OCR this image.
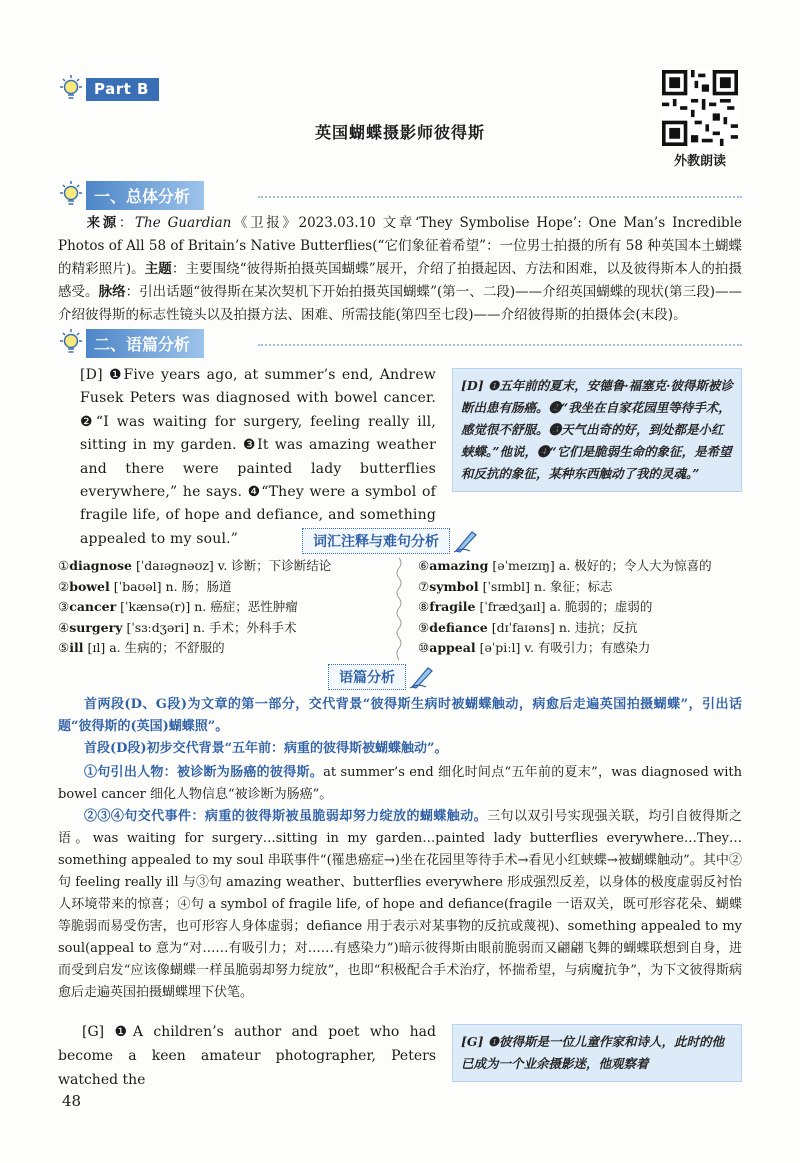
Part B
英国蝴蝶摄影师彼得斯
外教朗读
一、总体分析
来源：The Guardian《卫报》2023.03.10 文章‘They Symbolise Hope’: One Man’s Incredible Photos of All 58 of Britain’s Native Butterflies(“它们象征着希望”：一位男士拍摄的所有 58 种英国本土蝴蝶的精彩照片)。主题：主要围绕“彼得斯拍摄英国蝴蝶”展开，介绍了拍摄起因、方法和困难，以及彼得斯本人的拍摄感受。脉络：引出话题“彼得斯在某次契机下开始拍摄英国蝴蝶”(第一、二段)——介绍英国蝴蝶的现状(第三段)——介绍彼得斯的标志性镜头以及拍摄方法、困难、所需技能(第四至七段)——介绍彼得斯的拍摄体会(末段)。
二、语篇分析
[D] ❶Five years ago, at summer’s end, Andrew Fusek Peters was diagnosed with bowel cancer. ❷“I was waiting for surgery, feeling really ill, sitting in my garden. ❸It was amazing weather and there were painted lady butterflies everywhere,” he says. ❹“They were a symbol of fragile life, of hope and defiance, and something appealed to my soul.”
[D] ❶五年前的夏末，安德鲁·福塞克·彼得斯被诊断出患有肠癌。❷“我坐在自家花园里等待手术，感觉很不舒服。❸天气出奇的好，到处都是小红蛱蝶。”他说，❹“它们是脆弱生命的象征，是希望和反抗的象征，某种东西触动了我的灵魂。”
词汇注释与难句分析
①diagnose [ˈdaɪəɡnəʊz] v. 诊断；下诊断结论
②bowel [ˈbaʊəl] n. 肠；肠道
③cancer [ˈkænsə(r)] n. 癌症；恶性肿瘤
④surgery [ˈsɜːdʒəri] n. 手术；外科手术
⑤ill [ɪl] a. 生病的；不舒服的
⑥amazing [əˈmeɪzɪŋ] a. 极好的；令人大为惊喜的
⑦symbol [ˈsɪmbl] n. 象征；标志
⑧fragile [ˈfrædʒaɪl] a. 脆弱的；虚弱的
⑨defiance [dɪˈfaɪəns] n. 违抗；反抗
⑩appeal [əˈpiːl] v. 有吸引力；有感染力
语篇分析
首两段(D、G段)为文章的第一部分，交代背景“彼得斯生病时被蝴蝶触动，病愈后走遍英国拍摄蝴蝶”，引出话题“彼得斯的(英国)蝴蝶照”。
首段(D段)初步交代背景“五年前：病重的彼得斯被蝴蝶触动”。
①句引出人物：被诊断为肠癌的彼得斯。at summer’s end 细化时间点“五年前的夏末”，was diagnosed with bowel cancer 细化人物信息“被诊断为肠癌”。
②③④句交代事件：病重的彼得斯被虽脆弱却努力绽放的蝴蝶触动。三句以双引号实现强关联，均引自彼得斯之语。was waiting for surgery…sitting in my garden…painted lady butterflies everywhere…They…something appealed to my soul 串联事件“(罹患癌症→)坐在花园里等待手术→看见小红蛱蝶→被蝴蝶触动”。其中②句 feeling really ill 与③句 amazing weather、butterflies everywhere 形成强烈反差，以身体的极度虚弱反衬怡人环境带来的惊喜；④句 a symbol of fragile life, of hope and defiance(fragile 一语双关，既可形容花朵、蝴蝶等脆弱而易受伤害，也可形容人身体虚弱；defiance 用于表示对某事物的反抗或蔑视)、something appealed to my soul(appeal to 意为“对……有吸引力；对……有感染力”)暗示彼得斯由眼前脆弱而又翩翩飞舞的蝴蝶联想到自身，进而受到启发“应该像蝴蝶一样虽脆弱却努力绽放”，也即“积极配合手术治疗，怀揣希望，与病魔抗争”，为下文彼得斯病愈后走遍英国拍摄蝴蝶埋下伏笔。
[G] ❶A children’s author and poet who had become a keen amateur photographer, Peters watched the
[G] ❶彼得斯是一位儿童作家和诗人，此时的他已成为一个业余摄影迷，他观察着
48
